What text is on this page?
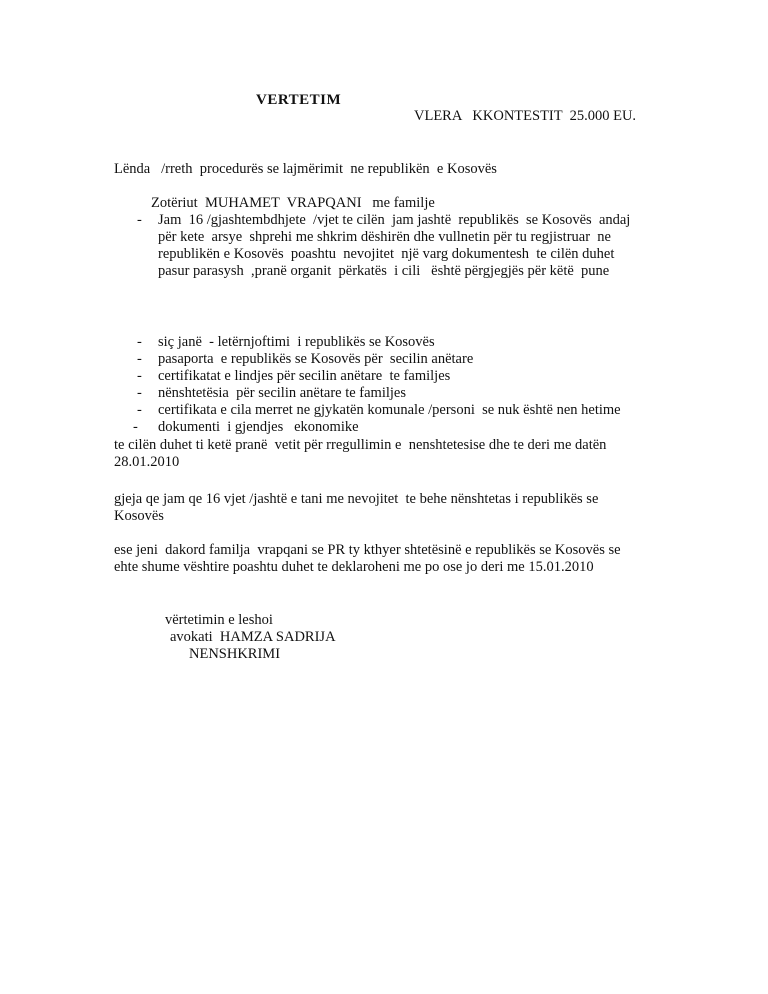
VERTETIM
VLERA   KKONTESTIT  25.000 EU.
Lënda   /rreth  procedurës se lajmërimit  ne republikën  e Kosovës
Zotëriut  MUHAMET  VRAPQANI   me familje
- Jam  16 /gjashtembdhjete  /vjet te cilën  jam jashtë  republikës  se Kosovës  andaj
për kete  arsye  shprehi me shkrim dëshirën dhe vullnetin për tu regjistruar  ne
republikën e Kosovës  poashtu  nevojitet  një varg dokumentesh  te cilën duhet
pasur parasysh  ,pranë organit  përkatës  i cili   është përgjegjës për këtë  pune
- siç janë  - letërnjoftimi  i republikës se Kosovës
- pasaporta  e republikës se Kosovës për  secilin anëtare
- certifikatat e lindjes për secilin anëtare  te familjes
- nënshtetësia  për secilin anëtare te familjes
- certifikata e cila merret ne gjykatën komunale /personi  se nuk është nen hetime
- dokumenti  i gjendjes   ekonomike
te cilën duhet ti ketë pranë  vetit për rregullimin e  nenshtetesise dhe te deri me datën
28.01.2010
gjeja qe jam qe 16 vjet /jashtë e tani me nevojitet  te behe nënshtetas i republikës se
Kosovës
ese jeni  dakord familja  vrapqani se PR ty kthyer shtetësinë e republikës se Kosovës se
ehte shume vështire poashtu duhet te deklaroheni me po ose jo deri me 15.01.2010
vërtetimin e leshoi
avokati  HAMZA SADRIJA
NENSHKRIMI
